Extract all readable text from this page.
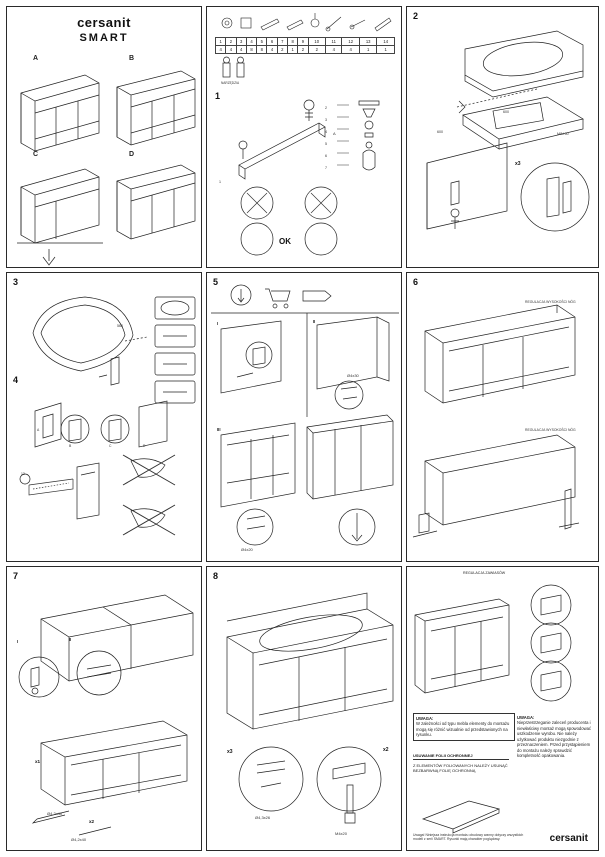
cersanit
SMART
A	B
C	D
1	2	3	4	5	6	7	8	9	10	11	12	13	14
4	4	4	8	8	4	2	1	2	2	4	4	1	1
NARZĘDZIA
1
OK
A
1
2
3
4
5
6
7
2
600
600
MIN 50
x3
3
4
560
A
B	C	D
12
5
I	II
III
Ø4x30
Ø4x20
6
REGULACJA WYSOKOŚCI NÓG
REGULACJA WYSOKOŚCI NÓG
7
I	II
x1
Ø4,2x40
x2
Ø4,2x40
8
x3	x2
Ø4,3x26
M4x20
REGULACJA ZAWIASÓW
UWAGA:
W zależności od typu mebla elementy do montażu mogą się różnić wizualnie od przedstawionych na rysunku.
USUWANIE FOLII OCHRONNEJ
Z ELEMENTÓW FOLIOWANYCH NALEŻY USUNĄĆ BEZBARWNĄ FOLIĘ OCHRONNĄ
UWAGA:
Nieprzestrzeganie zaleceń producenta i niewłaściwy montaż mogą spowodować uszkodzenie wyrobu. Nie należy użytkować produktu niezgodnie z przeznaczeniem. Przed przystąpieniem do montażu należy sprawdzić kompletność opakowania.
Uwaga! Niniejsza instrukcja montażu obudowy wanny dotyczy wszystkich modeli z serii SMART. Rysunki mają charakter poglądowy.	cersanit
